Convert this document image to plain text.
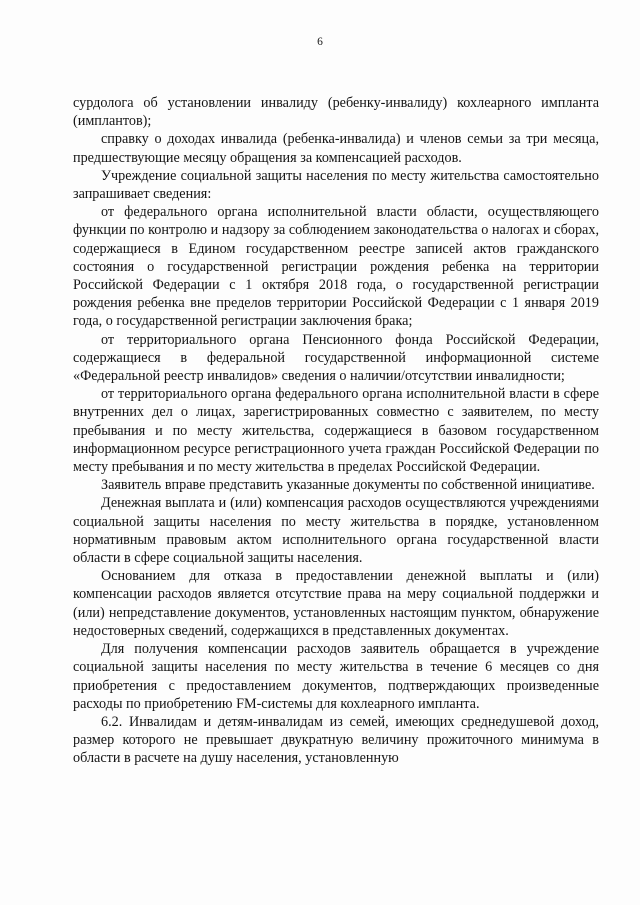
6

сурдолога об установлении инвалиду (ребенку-инвалиду) кохлеарного импланта (имплантов);

справку о доходах инвалида (ребенка-инвалида) и членов семьи за три месяца, предшествующие месяцу обращения за компенсацией расходов.

Учреждение социальной защиты населения по месту жительства самостоятельно запрашивает сведения:

от федерального органа исполнительной власти области, осуществляющего функции по контролю и надзору за соблюдением законодательства о налогах и сборах, содержащиеся в Едином государственном реестре записей актов гражданского состояния о государственной регистрации рождения ребенка на территории Российской Федерации с 1 октября 2018 года, о государственной регистрации рождения ребенка вне пределов территории Российской Федерации с 1 января 2019 года, о государственной регистрации заключения брака;

от территориального органа Пенсионного фонда Российской Федерации, содержащиеся в федеральной государственной информационной системе «Федеральной реестр инвалидов» сведения о наличии/отсутствии инвалидности;

от территориального органа федерального органа исполнительной власти в сфере внутренних дел о лицах, зарегистрированных совместно с заявителем, по месту пребывания и по месту жительства, содержащиеся в базовом государственном информационном ресурсе регистрационного учета граждан Российской Федерации по месту пребывания и по месту жительства в пределах Российской Федерации.

Заявитель вправе представить указанные документы по собственной инициативе.

Денежная выплата и (или) компенсация расходов осуществляются учреждениями социальной защиты населения по месту жительства в порядке, установленном нормативным правовым актом исполнительного органа государственной власти области в сфере социальной защиты населения.

Основанием для отказа в предоставлении денежной выплаты и (или) компенсации расходов является отсутствие права на меру социальной поддержки и (или) непредставление документов, установленных настоящим пунктом, обнаружение недостоверных сведений, содержащихся в представленных документах.

Для получения компенсации расходов заявитель обращается в учреждение социальной защиты населения по месту жительства в течение 6 месяцев со дня приобретения с предоставлением документов, подтверждающих произведенные расходы по приобретению FM-системы для кохлеарного импланта.

6.2. Инвалидам и детям-инвалидам из семей, имеющих среднедушевой доход, размер которого не превышает двукратную величину прожиточного минимума в области в расчете на душу населения, установленную
